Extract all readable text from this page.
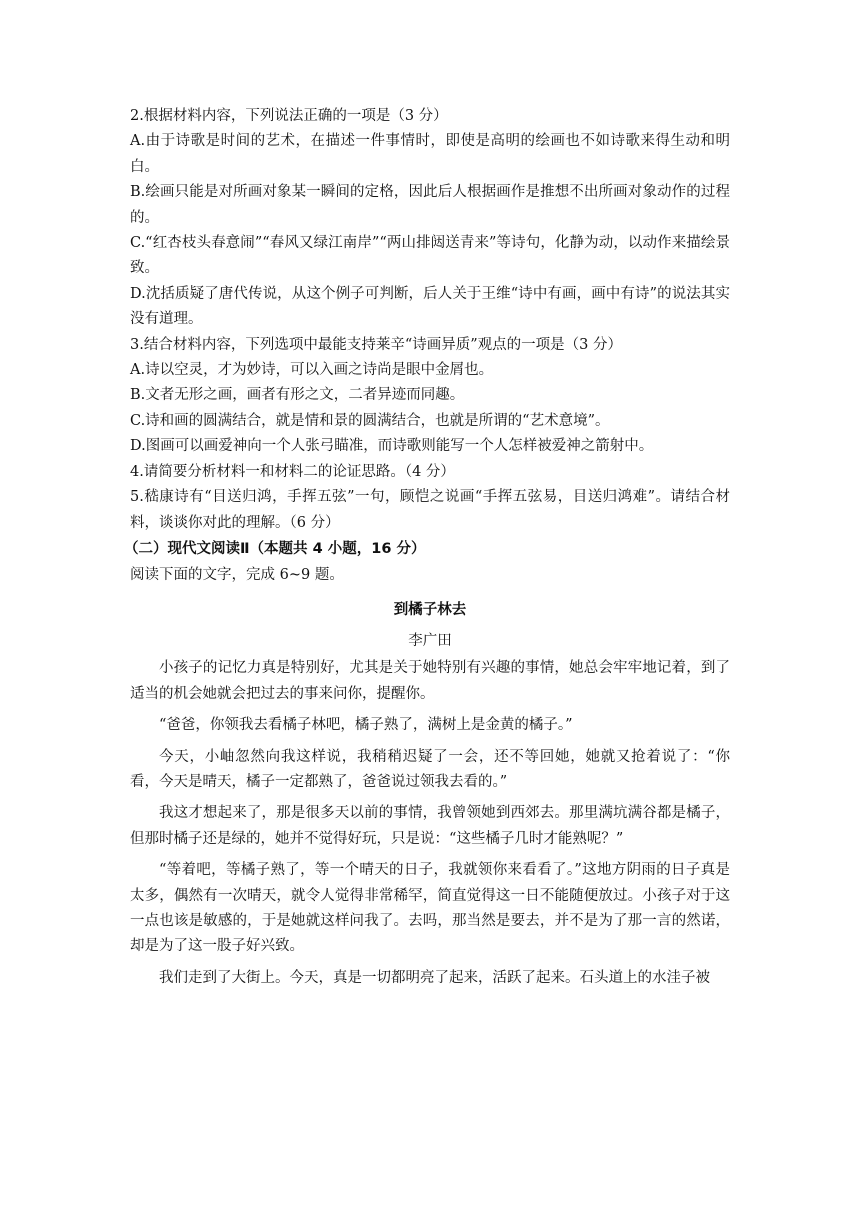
2.根据材料内容，下列说法正确的一项是（3 分）

A.由于诗歌是时间的艺术，在描述一件事情时，即使是高明的绘画也不如诗歌来得生动和明白。

B.绘画只能是对所画对象某一瞬间的定格，因此后人根据画作是推想不出所画对象动作的过程的。

C.“红杏枝头春意闹”“春风又绿江南岸”“两山排闼送青来”等诗句，化静为动，以动作来描绘景致。

D.沈括质疑了唐代传说，从这个例子可判断，后人关于王维“诗中有画，画中有诗”的说法其实没有道理。

3.结合材料内容，下列选项中最能支持莱辛“诗画异质”观点的一项是（3 分）

A.诗以空灵，才为妙诗，可以入画之诗尚是眼中金屑也。

B.文者无形之画，画者有形之文，二者异迹而同趣。

C.诗和画的圆满结合，就是情和景的圆满结合，也就是所谓的“艺术意境”。

D.图画可以画爱神向一个人张弓瞄准，而诗歌则能写一个人怎样被爱神之箭射中。

4.请简要分析材料一和材料二的论证思路。（4 分）

5.嵇康诗有“目送归鸿，手挥五弦”一句，顾恺之说画“手挥五弦易，目送归鸿难”。请结合材料，谈谈你对此的理解。（6 分）

（二）现代文阅读Ⅱ（本题共 4 小题，16 分）

阅读下面的文字，完成 6~9 题。

到橘子林去

李广田

小孩子的记忆力真是特别好，尤其是关于她特别有兴趣的事情，她总会牢牢地记着，到了适当的机会她就会把过去的事来问你，提醒你。

“爸爸，你领我去看橘子林吧，橘子熟了，满树上是金黄的橘子。”

今天，小岫忽然向我这样说，我稍稍迟疑了一会，还不等回她，她就又抢着说了：“你看，今天是晴天，橘子一定都熟了，爸爸说过领我去看的。”

我这才想起来了，那是很多天以前的事情，我曾领她到西郊去。那里满坑满谷都是橘子，但那时橘子还是绿的，她并不觉得好玩，只是说：“这些橘子几时才能熟呢？”

“等着吧，等橘子熟了，等一个晴天的日子，我就领你来看看了。”这地方阴雨的日子真是太多，偶然有一次晴天，就令人觉得非常稀罕，简直觉得这一日不能随便放过。小孩子对于这一点也该是敏感的，于是她就这样问我了。去吗，那当然是要去，并不是为了那一言的然诺，却是为了这一股子好兴致。

我们走到了大街上。今天，真是一切都明亮了起来，活跃了起来。石头道上的水洼子被
